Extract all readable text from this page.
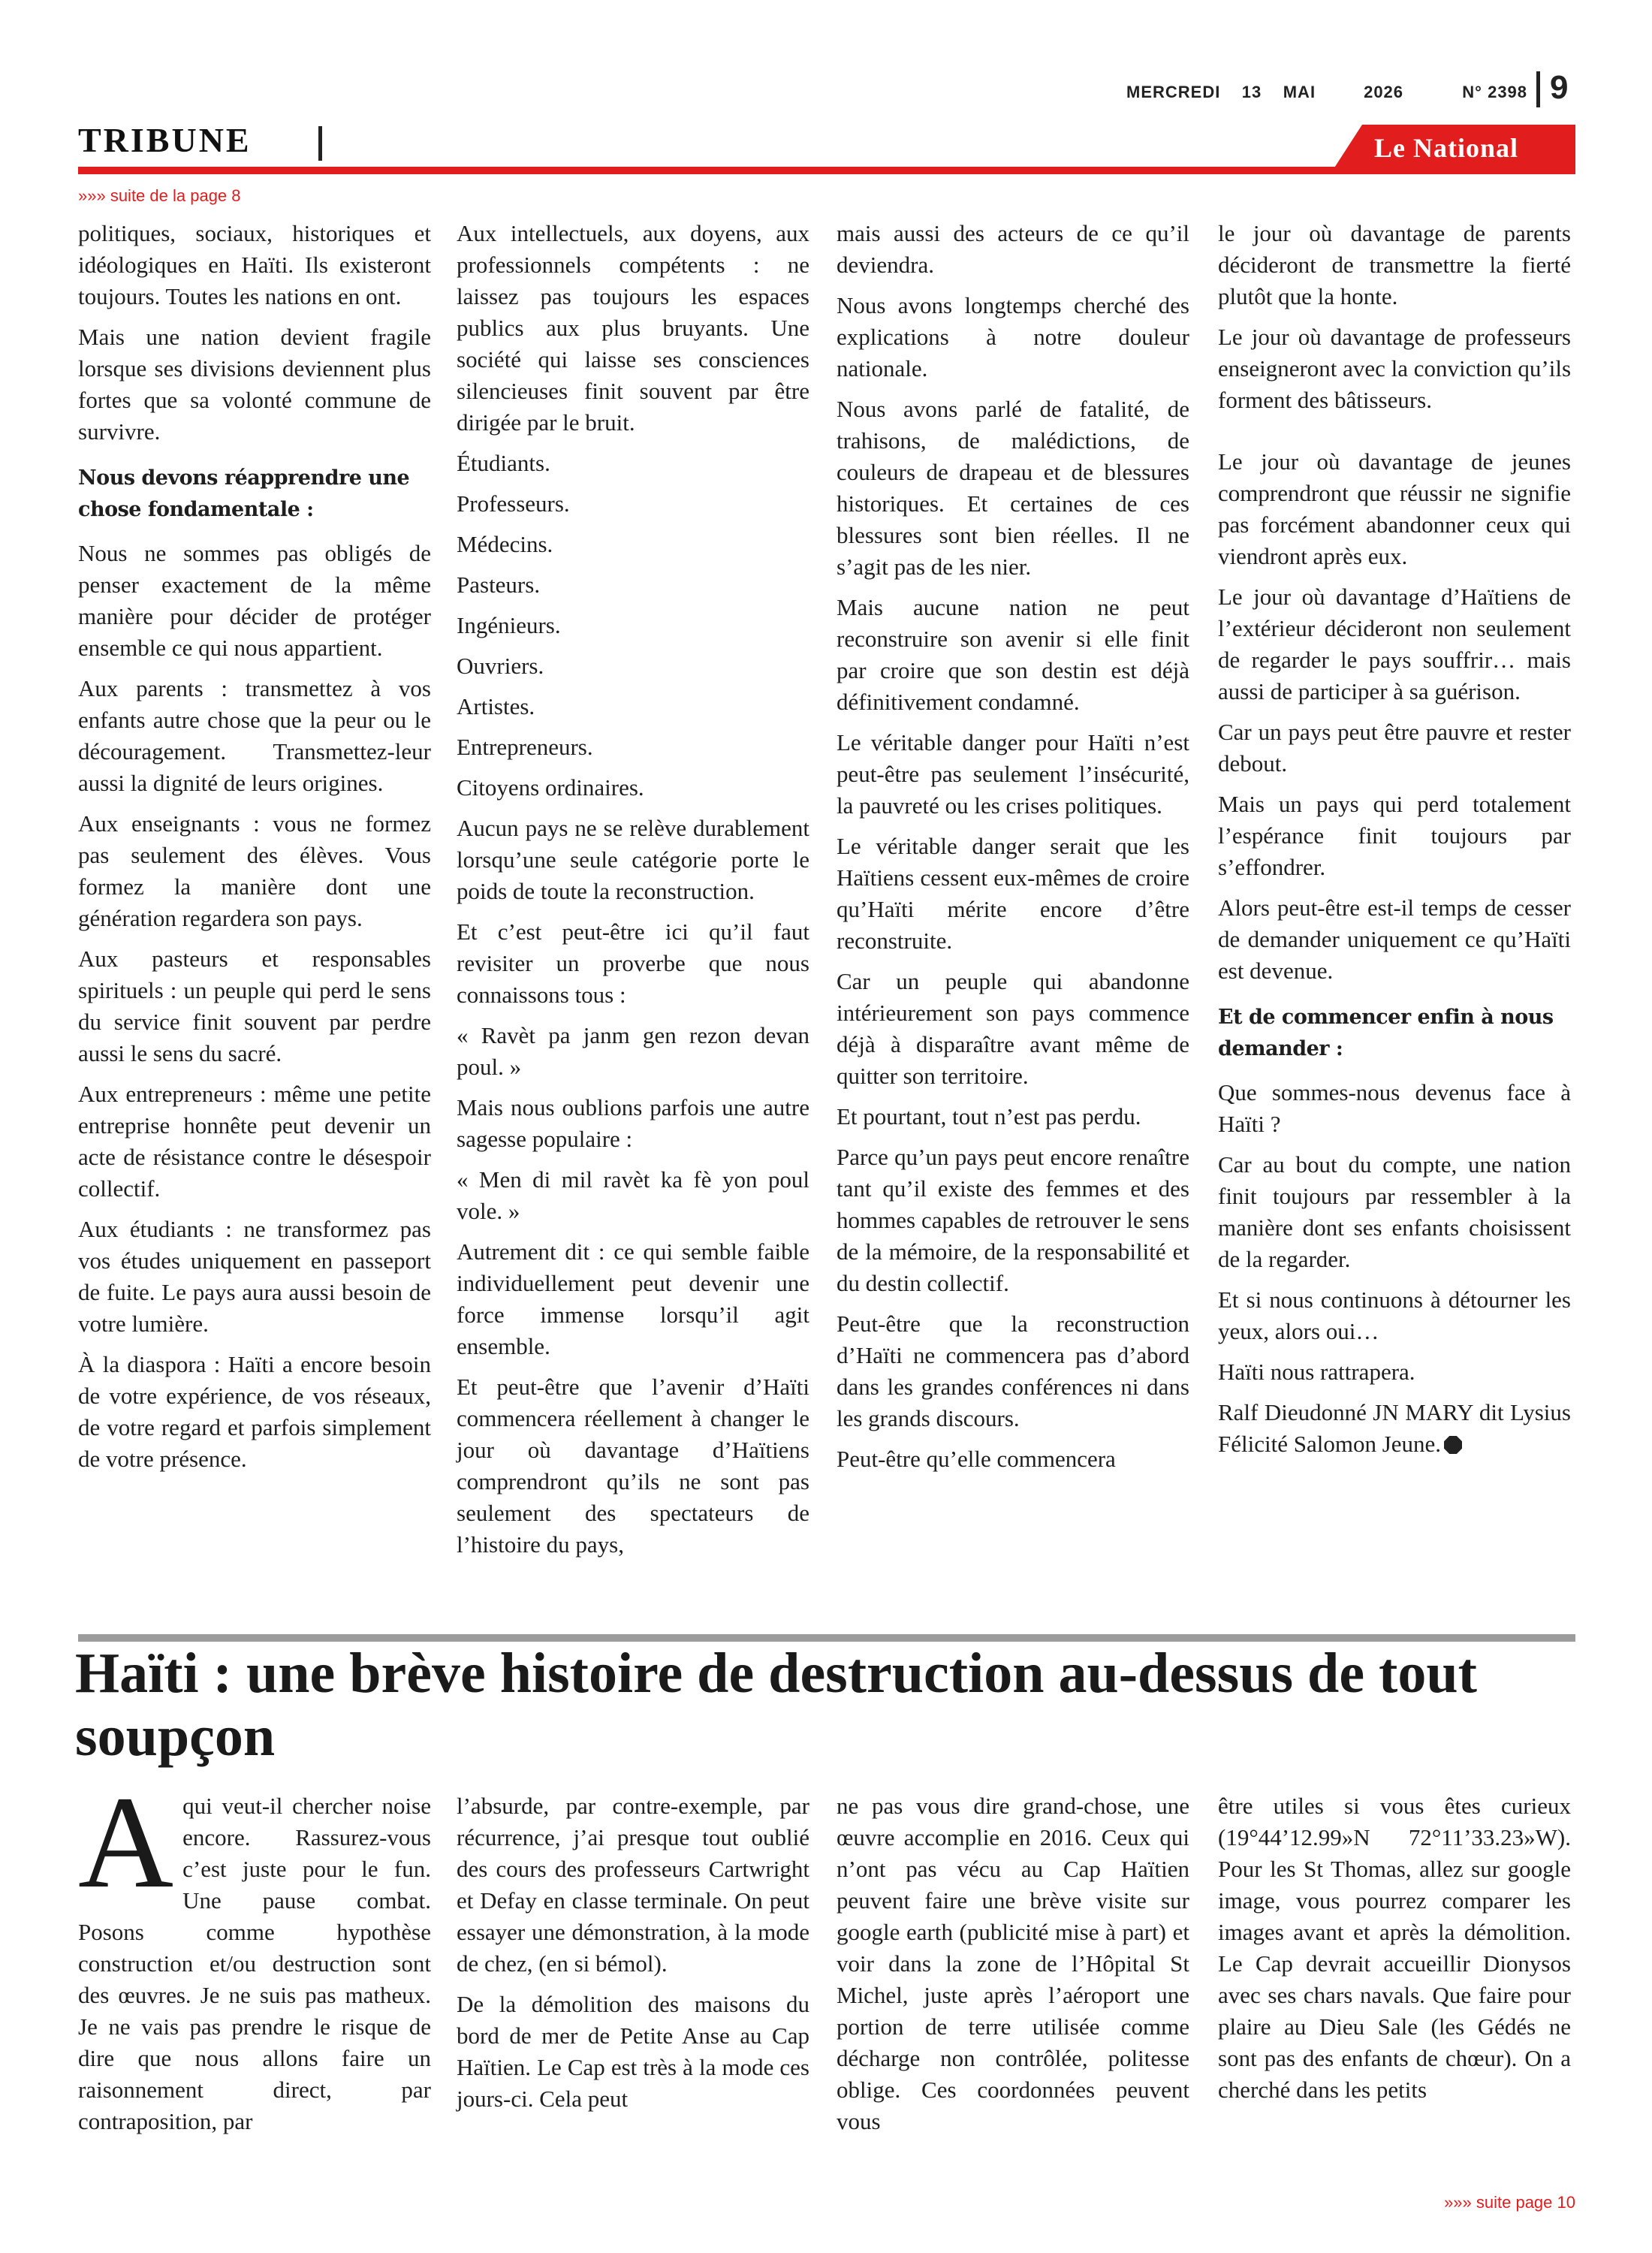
MERCREDI 13 MAI	2026	N° 2398 9
TRIBUNE	Le National
»»» suite de la page 8

politiques, sociaux, historiques et idéologiques en Haïti. Ils existeront toujours. Toutes les nations en ont.

Mais une nation devient fragile lorsque ses divisions deviennent plus fortes que sa volonté commune de survivre.

Nous devons réapprendre une chose fondamentale :

Nous ne sommes pas obligés de penser exactement de la même manière pour décider de protéger ensemble ce qui nous appartient.

Aux parents : transmettez à vos enfants autre chose que la peur ou le découragement. Transmettez-leur aussi la dignité de leurs origines.

Aux enseignants : vous ne formez pas seulement des élèves. Vous formez la manière dont une génération regardera son pays.

Aux pasteurs et responsables spirituels : un peuple qui perd le sens du service finit souvent par perdre aussi le sens du sacré.

Aux entrepreneurs : même une petite entreprise honnête peut devenir un acte de résistance contre le désespoir collectif.

Aux étudiants : ne transformez pas vos études uniquement en passeport de fuite. Le pays aura aussi besoin de votre lumière.

À la diaspora : Haïti a encore besoin de votre expérience, de vos réseaux, de votre regard et parfois simplement de votre présence.

Aux intellectuels, aux doyens, aux professionnels compétents : ne laissez pas toujours les espaces publics aux plus bruyants. Une société qui laisse ses consciences silencieuses finit souvent par être dirigée par le bruit.

Étudiants.

Professeurs.

Médecins.

Pasteurs.

Ingénieurs.

Ouvriers.

Artistes.

Entrepreneurs.

Citoyens ordinaires.

Aucun pays ne se relève durablement lorsqu’une seule catégorie porte le poids de toute la reconstruction.

Et c’est peut-être ici qu’il faut revisiter un proverbe que nous connaissons tous :

« Ravèt pa janm gen rezon devan poul. »

Mais nous oublions parfois une autre sagesse populaire :

« Men di mil ravèt ka fè yon poul vole. »

Autrement dit : ce qui semble faible individuellement peut devenir une force immense lorsqu’il agit ensemble.

Et peut-être que l’avenir d’Haïti commencera réellement à changer le jour où davantage d’Haïtiens comprendront qu’ils ne sont pas seulement des spectateurs de l’histoire du pays,

mais aussi des acteurs de ce qu’il deviendra.

Nous avons longtemps cherché des explications à notre douleur nationale.

Nous avons parlé de fatalité, de trahisons, de malédictions, de couleurs de drapeau et de blessures historiques. Et certaines de ces blessures sont bien réelles. Il ne s’agit pas de les nier.

Mais aucune nation ne peut reconstruire son avenir si elle finit par croire que son destin est déjà définitivement condamné.

Le véritable danger pour Haïti n’est peut-être pas seulement l’insécurité, la pauvreté ou les crises politiques.

Le véritable danger serait que les Haïtiens cessent eux-mêmes de croire qu’Haïti mérite encore d’être reconstruite.

Car un peuple qui abandonne intérieurement son pays commence déjà à disparaître avant même de quitter son territoire.

Et pourtant, tout n’est pas perdu.

Parce qu’un pays peut encore renaître tant qu’il existe des femmes et des hommes capables de retrouver le sens de la mémoire, de la responsabilité et du destin collectif.

Peut-être que la reconstruction d’Haïti ne commencera pas d’abord dans les grandes conférences ni dans les grands discours.

Peut-être qu’elle commencera

le jour où davantage de parents décideront de transmettre la fierté plutôt que la honte.

Le jour où davantage de professeurs enseigneront avec la conviction qu’ils forment des bâtisseurs.

Le jour où davantage de jeunes comprendront que réussir ne signifie pas forcément abandonner ceux qui viendront après eux.

Le jour où davantage d’Haïtiens de l’extérieur décideront non seulement de regarder le pays souffrir… mais aussi de participer à sa guérison.

Car un pays peut être pauvre et rester debout.

Mais un pays qui perd totalement l’espérance finit toujours par s’effondrer.

Alors peut-être est-il temps de cesser de demander uniquement ce qu’Haïti est devenue.

Et de commencer enfin à nous demander :

Que sommes-nous devenus face à Haïti ?

Car au bout du compte, une nation finit toujours par ressembler à la manière dont ses enfants choisissent de la regarder.

Et si nous continuons à détourner les yeux, alors oui…

Haïti nous rattrapera.

Ralf Dieudonné JN MARY dit Lysius Félicité Salomon Jeune.

Haïti : une brève histoire de destruction au-dessus de tout soupçon

Aqui veut-il chercher noise encore. Rassurez-vous c’est juste pour le fun. Une pause combat. Posons comme hypothèse construction et/ou destruction sont des œuvres. Je ne suis pas matheux. Je ne vais pas prendre le risque de dire que nous allons faire un raisonnement direct, par contraposition, par

l’absurde, par contre-exemple, par récurrence, j’ai presque tout oublié des cours des professeurs Cartwright et Defay en classe terminale. On peut essayer une démonstration, à la mode de chez, (en si bémol).

De la démolition des maisons du bord de mer de Petite Anse au Cap Haïtien. Le Cap est très à la mode ces jours-ci. Cela peut

ne pas vous dire grand-chose, une œuvre accomplie en 2016. Ceux qui n’ont pas vécu au Cap Haïtien peuvent faire une brève visite sur google earth (publicité mise à part) et voir dans la zone de l’Hôpital St Michel, juste après l’aéroport une portion de terre utilisée comme décharge non contrôlée, politesse oblige. Ces coordonnées peuvent vous

être utiles si vous êtes curieux (19°44’12.99»N 72°11’33.23»W). Pour les St Thomas, allez sur google image, vous pourrez comparer les images avant et après la démolition. Le Cap devrait accueillir Dionysos avec ses chars navals. Que faire pour plaire au Dieu Sale (les Gédés ne sont pas des enfants de chœur). On a cherché dans les petits

»»» suite page 10
